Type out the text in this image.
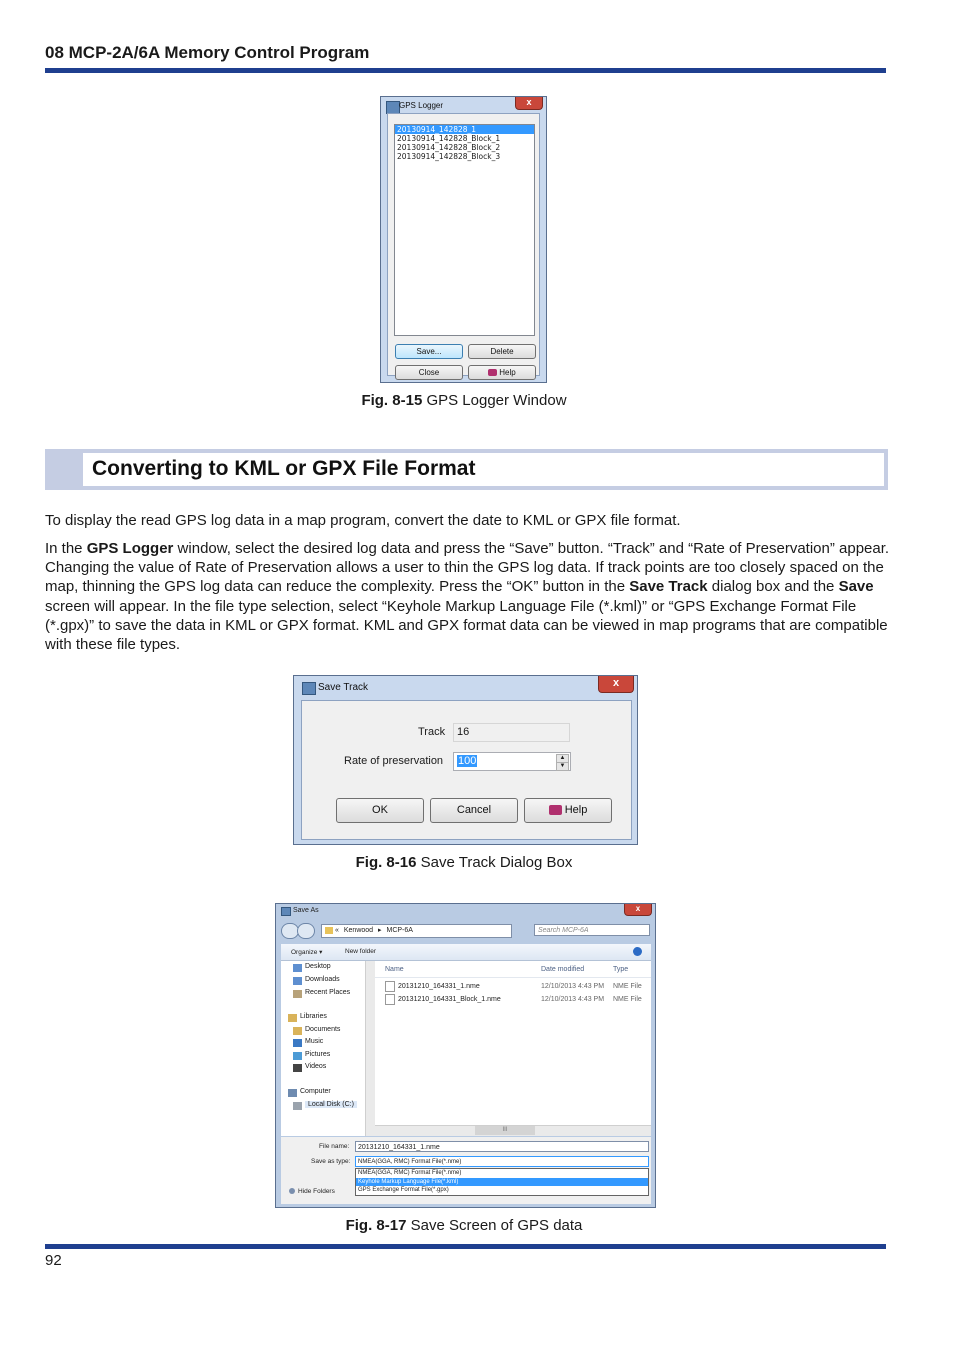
08 MCP-2A/6A Memory Control Program
GPS Logger	x
20130914_142828_1
20130914_142828_Block_1
20130914_142828_Block_2
20130914_142828_Block_3
Save...	Delete
Close	Help
Fig. 8-15 GPS Logger Window
Converting to KML or GPX File Format
To display the read GPS log data in a map program, convert the date to KML or GPX file format.
In the GPS Logger window, select the desired log data and press the “Save” button. “Track” and “Rate of Preservation” appear. Changing the value of Rate of Preservation allows a user to thin the GPS log data. If track points are too closely spaced on the map, thinning the GPS log data can reduce the complexity. Press the “OK” button in the Save Track dialog box and the Save screen will appear. In the file type selection, select “Keyhole Markup Language File (*.kml)” or “GPS Exchange Format File (*.gpx)” to save the data in KML or GPX format. KML and GPX format data can be viewed in map programs that are compatible with these file types.
Save Track	x
Track	16
Rate of preservation	100	▲
▼
OK	Cancel	Help
Fig. 8-16 Save Track Dialog Box
Save As	x
« Kenwood ▸ MCP-6A	Search MCP-6A
Organize ▾	New folder
Desktop
Downloads
Recent Places
Libraries
Documents
Music
Pictures
Videos
Computer
Local Disk (C:)
Name	Date modified	Type
20131210_164331_1.nme	12/10/2013 4:43 PM NME File
20131210_164331_Block_1.nme	12/10/2013 4:43 PM NME File
III
File name:	20131210_164331_1.nme
Save as type:	NMEA(GGA, RMC) Format File(*.nme)
NMEA(GGA, RMC) Format File(*.nme)
Keyhole Markup Language File(*.kml)
GPS Exchange Format File(*.gpx)
Hide Folders
Fig. 8-17 Save Screen of GPS data
92
